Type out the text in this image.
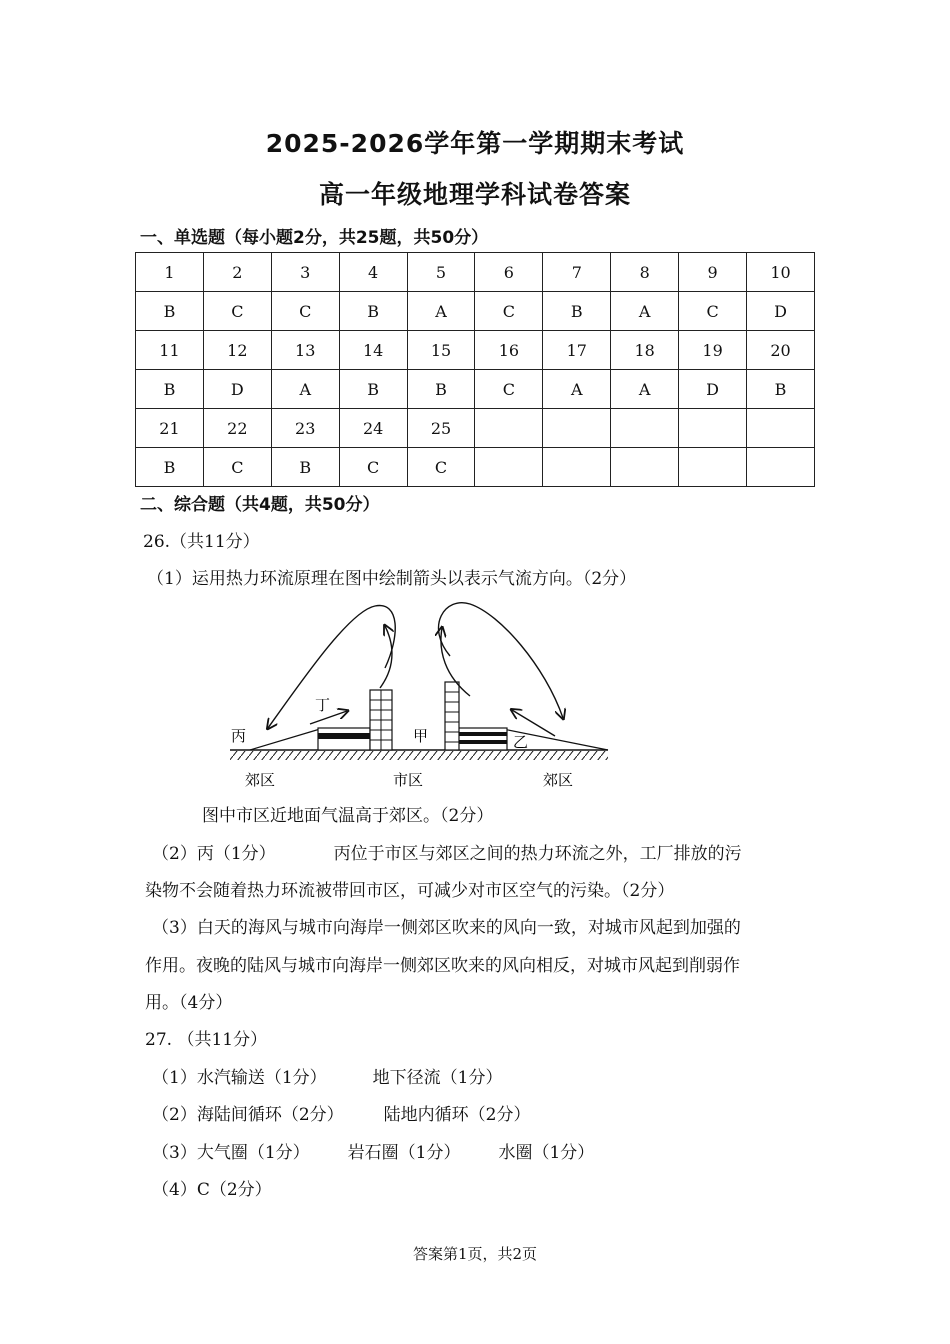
2025-2026学年第一学期期末考试
高一年级地理学科试卷答案
一、单选题（每小题2分，共25题，共50分）
1	2	3	4	5	6	7	8	9	10
B	C	C	B	A	C	B	A	C	D
11	12	13	14	15	16	17	18	19	20
B	D	A	B	B	C	A	A	D	B
21	22	23	24	25					
B	C	B	C	C					
二、综合题（共4题，共50分）
26.（共11分）
（1）运用热力环流原理在图中绘制箭头以表示气流方向。（2分）
丙
丁
甲	乙
郊区	市区	郊区
图中市区近地面气温高于郊区。（2分）
（2）丙（1分）	丙位于市区与郊区之间的热力环流之外，工厂排放的污
染物不会随着热力环流被带回市区，可减少对市区空气的污染。（2分）
（3）白天的海风与城市向海岸一侧郊区吹来的风向一致，对城市风起到加强的
作用。夜晚的陆风与城市向海岸一侧郊区吹来的风向相反，对城市风起到削弱作
用。（4分）
27. （共11分）
（1）水汽输送（1分）	地下径流（1分）
（2）海陆间循环（2分） 陆地内循环（2分）
（3）大气圈（1分） 岩石圈（1分） 水圈（1分）
（4）C（2分）
答案第1页，共2页
